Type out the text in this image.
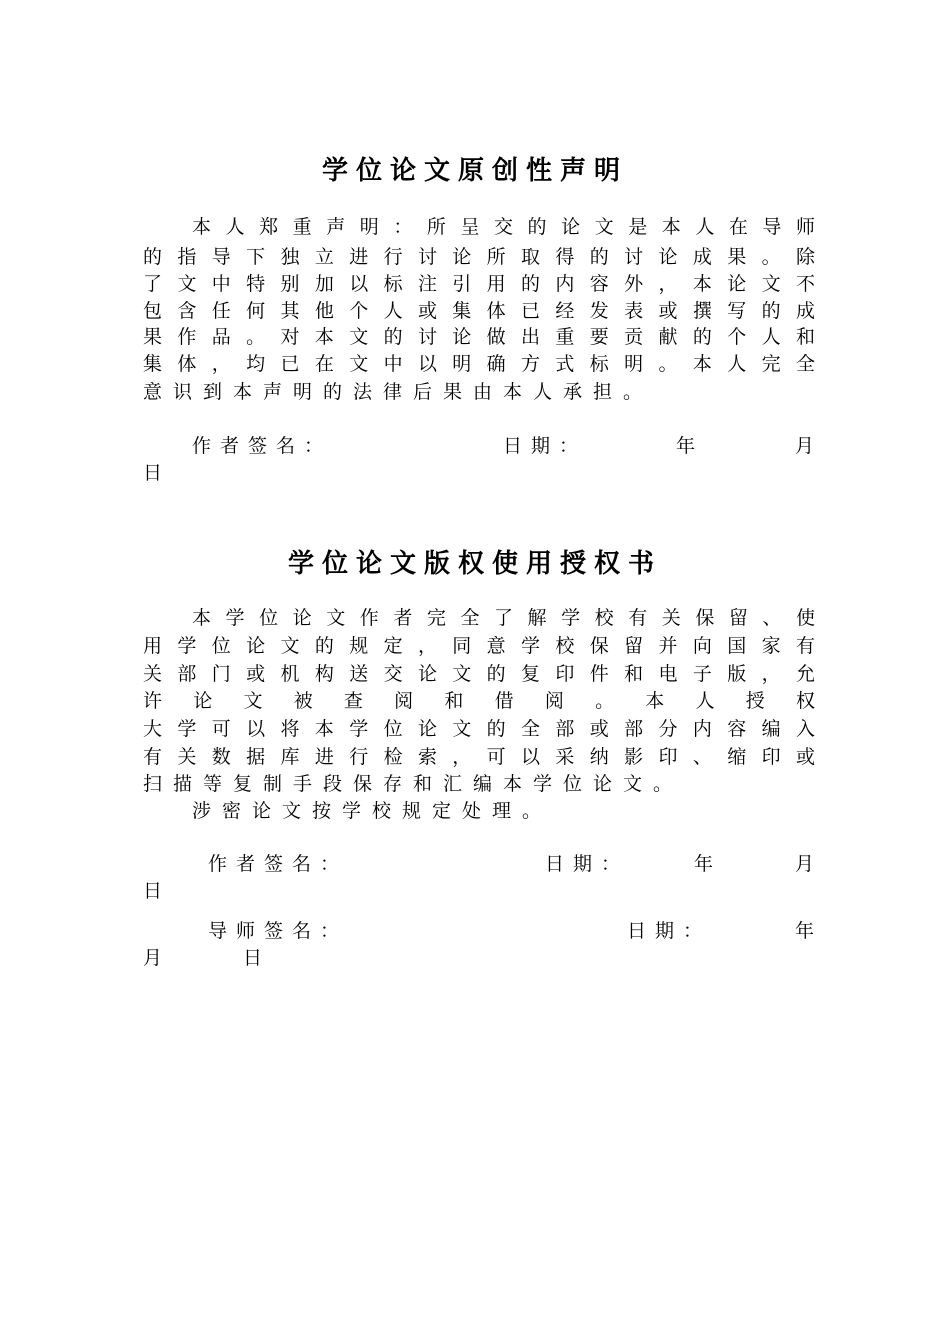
学位论文原创性声明
本人郑重声明：所呈交的论文是本人在导师
的指导下独立进行讨论所取得的讨论成果。除
了文中特别加以标注引用的内容外，本论文不
包含任何其他个人或集体已经发表或撰写的成
果作品。对本文的讨论做出重要贡献的个人和
集体，均已在文中以明确方式标明。本人完全
意识到本声明的法律后果由本人承担。
作者签名：	日期：	年	月
日
学位论文版权使用授权书
本学位论文作者完全了解学校有关保留、使
用学位论文的规定，同意学校保留并向国家有
关部门或机构送交论文的复印件和电子版，允
许论文被查阅和借阅。本人授权
大学可以将本学位论文的全部或部分内容编入
有关数据库进行检索，可以采纳影印、缩印或
扫描等复制手段保存和汇编本学位论文。
涉密论文按学校规定处理。
作者签名：	日期：	年	月
日
导师签名：	日期：	年
月	日
